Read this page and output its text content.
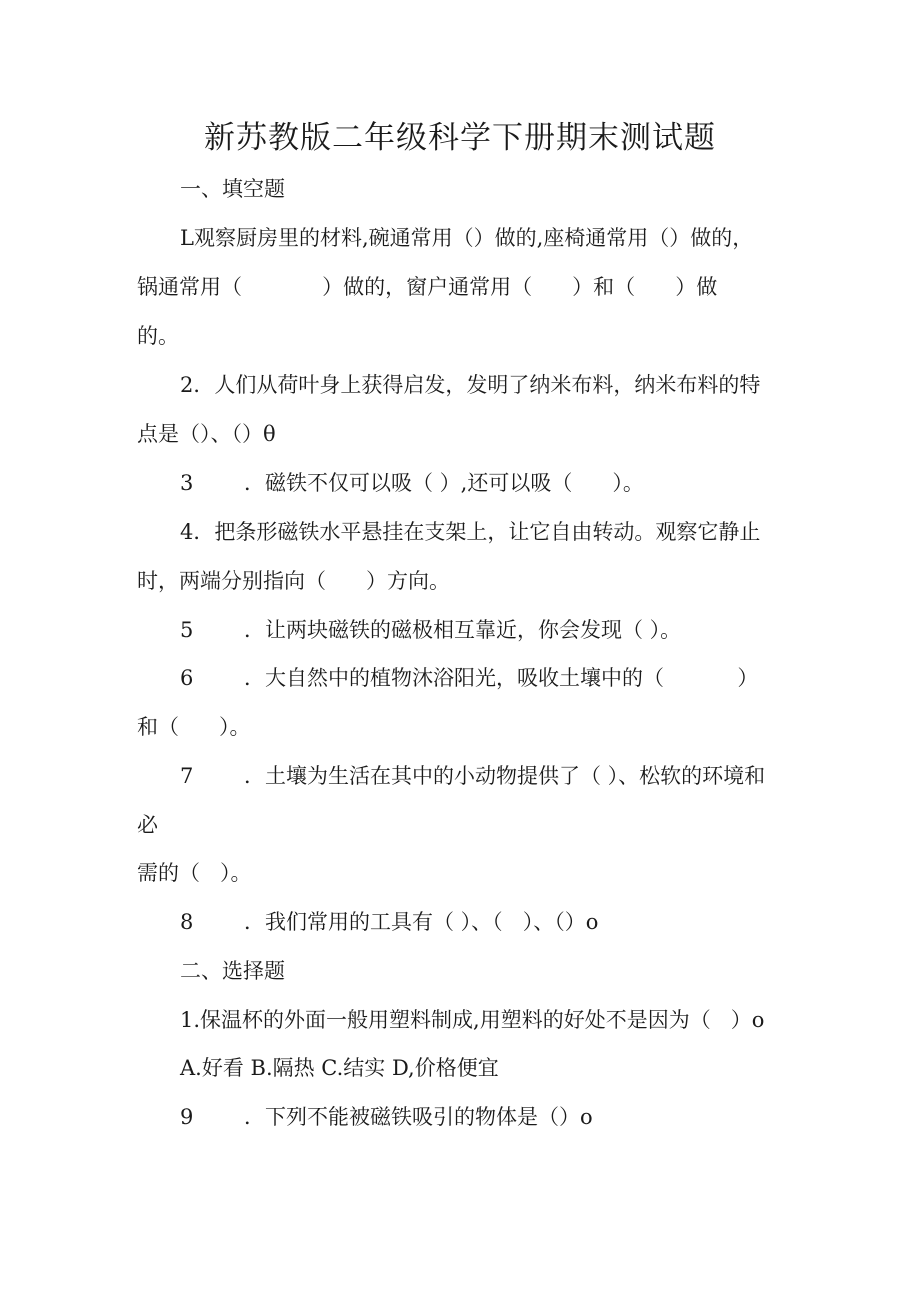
新苏教版二年级科学下册期末测试题
一、填空题
L观察厨房里的材料,碗通常用（）做的,座椅通常用（）做的，
锅通常用（            ）做的，窗户通常用（      ）和（      ）做
的。
2．人们从荷叶身上获得启发，发明了纳米布料，纳米布料的特
点是（）、（）θ
3 ．磁铁不仅可以吸（ ）,还可以吸（      ）。
4．把条形磁铁水平悬挂在支架上，让它自由转动。观察它静止
时，两端分别指向（      ）方向。
5 ．让两块磁铁的磁极相互靠近，你会发现（ ）。
6 ．大自然中的植物沐浴阳光，吸收土壤中的（           ）
和（      ）。
7 ．土壤为生活在其中的小动物提供了（ ）、松软的环境和
必
需的（   ）。
8 ．我们常用的工具有（ ）、（   ）、（）o
二、选择题
1.保温杯的外面一般用塑料制成,用塑料的好处不是因为（   ）o
A.好看 B.隔热 C.结实 D,价格便宜
9 ．下列不能被磁铁吸引的物体是（）o
